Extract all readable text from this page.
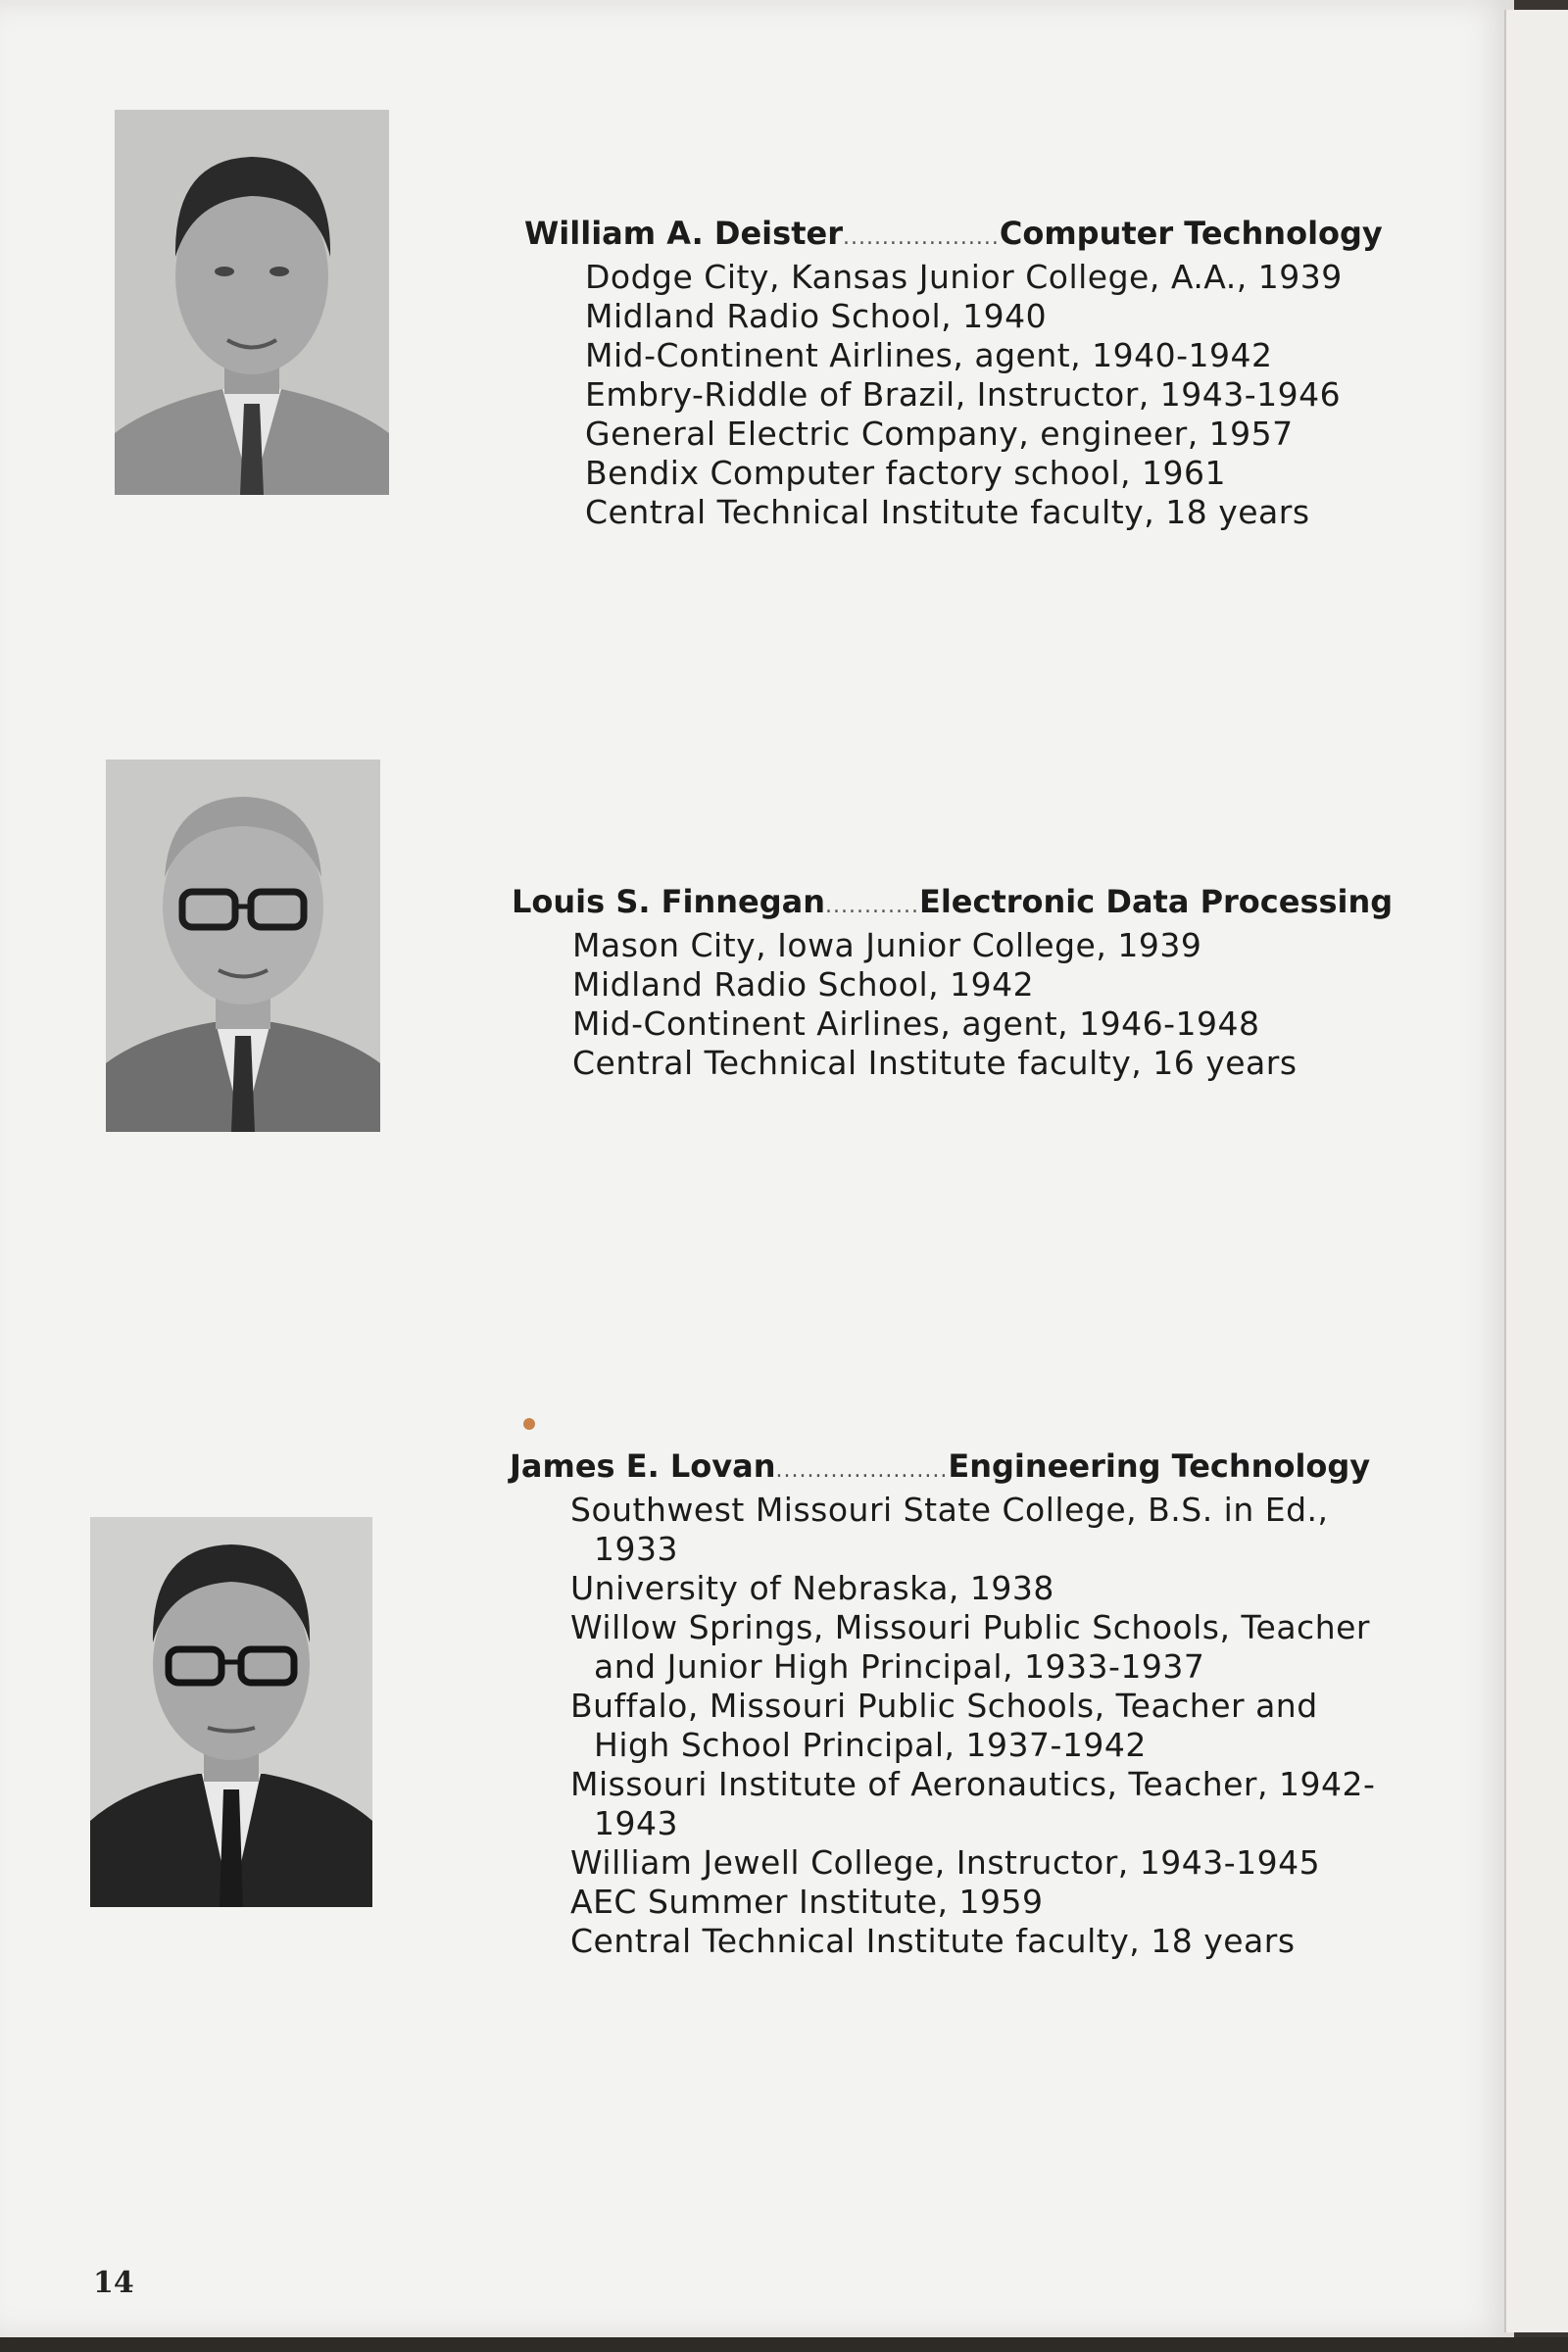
William A. Deister .................... Computer Technology
Dodge City, Kansas Junior College, A.A., 1939
Midland Radio School, 1940
Mid-Continent Airlines, agent, 1940-1942
Embry-Riddle of Brazil, Instructor, 1943-1946
General Electric Company, engineer, 1957
Bendix Computer factory school, 1961
Central Technical Institute faculty, 18 years
Louis S. Finnegan ............ Electronic Data Processing
Mason City, Iowa Junior College, 1939
Midland Radio School, 1942
Mid-Continent Airlines, agent, 1946-1948
Central Technical Institute faculty, 16 years
James E. Lovan ...................... Engineering Technology
Southwest Missouri State College, B.S. in Ed., 1933
University of Nebraska, 1938
Willow Springs, Missouri Public Schools, Teacher and Junior High Principal, 1933-1937
Buffalo, Missouri Public Schools, Teacher and High School Principal, 1937-1942
Missouri Institute of Aeronautics, Teacher, 1942-1943
William Jewell College, Instructor, 1943-1945
AEC Summer Institute, 1959
Central Technical Institute faculty, 18 years
14
